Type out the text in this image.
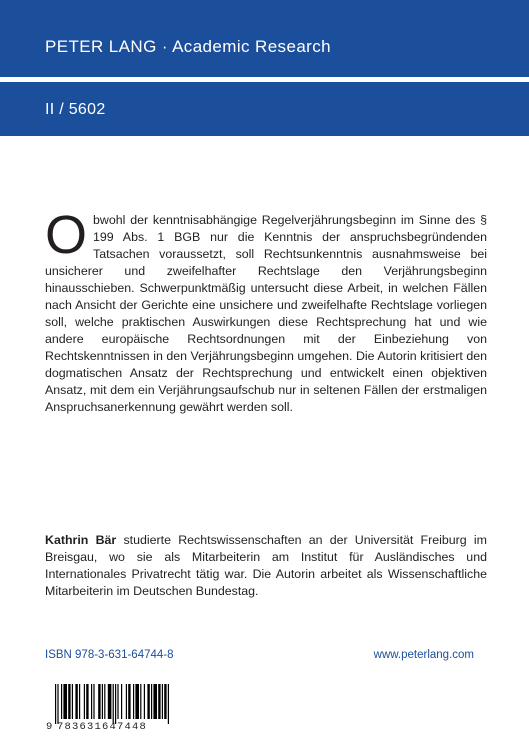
PETER LANG · Academic Research
II / 5602
Obwohl der kenntnisabhängige Regelverjährungsbeginn im Sinne des § 199 Abs. 1 BGB nur die Kenntnis der anspruchsbegründenden Tatsachen voraussetzt, soll Rechtsunkenntnis ausnahmsweise bei unsicherer und zweifelhafter Rechtslage den Verjährungsbeginn hinausschieben. Schwerpunktmäßig untersucht diese Arbeit, in welchen Fällen nach Ansicht der Gerichte eine unsichere und zweifelhafte Rechtslage vorliegen soll, welche praktischen Auswirkungen diese Rechtsprechung hat und wie andere europäische Rechtsordnungen mit der Einbeziehung von Rechtskenntnissen in den Verjährungsbeginn umgehen. Die Autorin kritisiert den dogmatischen Ansatz der Rechtsprechung und entwickelt einen objektiven Ansatz, mit dem ein Verjährungsaufschub nur in seltenen Fällen der erstmaligen Anspruchsanerkennung gewährt werden soll.
Kathrin Bär studierte Rechtswissenschaften an der Universität Freiburg im Breisgau, wo sie als Mitarbeiterin am Institut für Ausländisches und Internationales Privatrecht tätig war. Die Autorin arbeitet als Wissenschaftliche Mitarbeiterin im Deutschen Bundestag.
ISBN 978-3-631-64744-8	www.peterlang.com
9 783631647448
